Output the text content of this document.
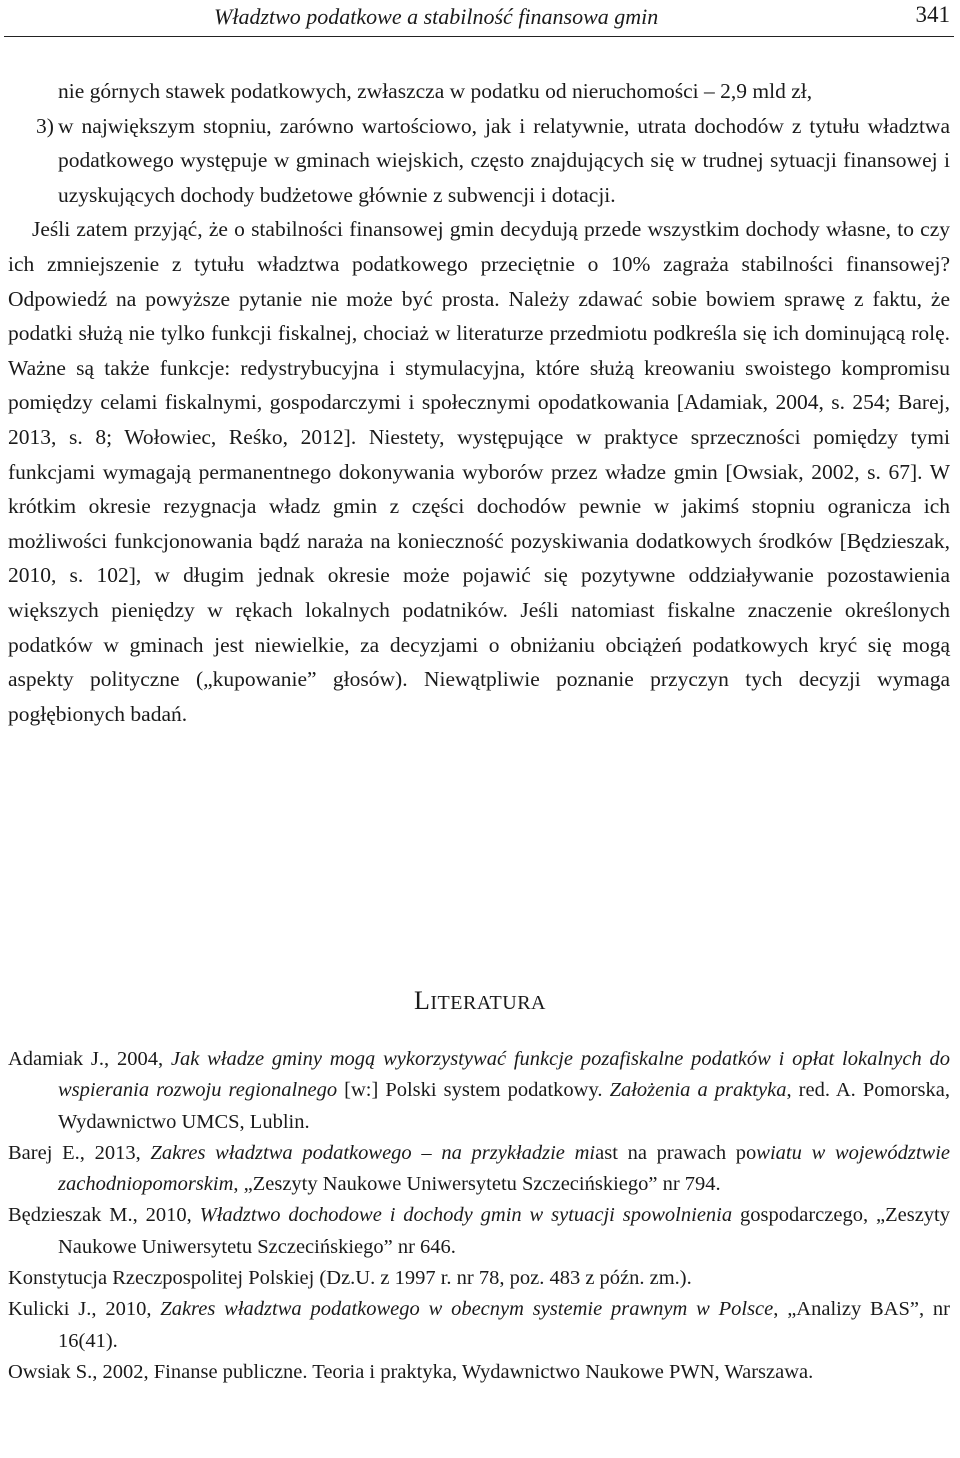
Władztwo podatkowe a stabilność finansowa gmin	341

nie górnych stawek podatkowych, zwłaszcza w podatku od nieruchomości – 2,9 mld zł,

3) w największym stopniu, zarówno wartościowo, jak i relatywnie, utrata dochodów z tytułu władztwa podatkowego występuje w gminach wiejskich, często znajdujących się w trudnej sytuacji finansowej i uzyskujących dochody budżetowe głównie z subwencji i dotacji.

Jeśli zatem przyjąć, że o stabilności finansowej gmin decydują przede wszystkim dochody własne, to czy ich zmniejszenie z tytułu władztwa podatkowego przeciętnie o 10% zagraża stabilności finansowej? Odpowiedź na powyższe pytanie nie może być prosta. Należy zdawać sobie bowiem sprawę z faktu, że podatki służą nie tylko funkcji fiskalnej, chociaż w literaturze przedmiotu podkreśla się ich dominującą rolę. Ważne są także funkcje: redystrybucyjna i stymulacyjna, które służą kreowaniu swoistego kompromisu pomiędzy celami fiskalnymi, gospodarczymi i społecznymi opodatkowania [Adamiak, 2004, s. 254; Barej, 2013, s. 8; Wołowiec, Reśko, 2012]. Niestety, występujące w praktyce sprzeczności pomiędzy tymi funkcjami wymagają permanentnego dokonywania wyborów przez władze gmin [Owsiak, 2002, s. 67]. W krótkim okresie rezygnacja władz gmin z części dochodów pewnie w jakimś stopniu ogranicza ich możliwości funkcjonowania bądź naraża na konieczność pozyskiwania dodatkowych środków [Będzieszak, 2010, s. 102], w długim jednak okresie może pojawić się pozytywne oddziaływanie pozostawienia większych pieniędzy w rękach lokalnych podatników. Jeśli natomiast fiskalne znaczenie określonych podatków w gminach jest niewielkie, za decyzjami o obniżaniu obciążeń podatkowych kryć się mogą aspekty polityczne („kupowanie” głosów). Niewątpliwie poznanie przyczyn tych decyzji wymaga pogłębionych badań.

LITERATURA

Adamiak J., 2004, Jak władze gminy mogą wykorzystywać funkcje pozafiskalne podatków i opłat lokalnych do wspierania rozwoju regionalnego [w:] Polski system podatkowy. Założenia a praktyka, red. A. Pomorska, Wydawnictwo UMCS, Lublin.

Barej E., 2013, Zakres władztwa podatkowego – na przykładzie miast na prawach powiatu w województwie zachodniopomorskim, „Zeszyty Naukowe Uniwersytetu Szczecińskiego” nr 794.

Będzieszak M., 2010, Władztwo dochodowe i dochody gmin w sytuacji spowolnienia gospodarczego, „Zeszyty Naukowe Uniwersytetu Szczecińskiego” nr 646.

Konstytucja Rzeczpospolitej Polskiej (Dz.U. z 1997 r. nr 78, poz. 483 z późn. zm.).

Kulicki J., 2010, Zakres władztwa podatkowego w obecnym systemie prawnym w Polsce, „Analizy BAS”, nr 16(41).

Owsiak S., 2002, Finanse publiczne. Teoria i praktyka, Wydawnictwo Naukowe PWN, Warszawa.
